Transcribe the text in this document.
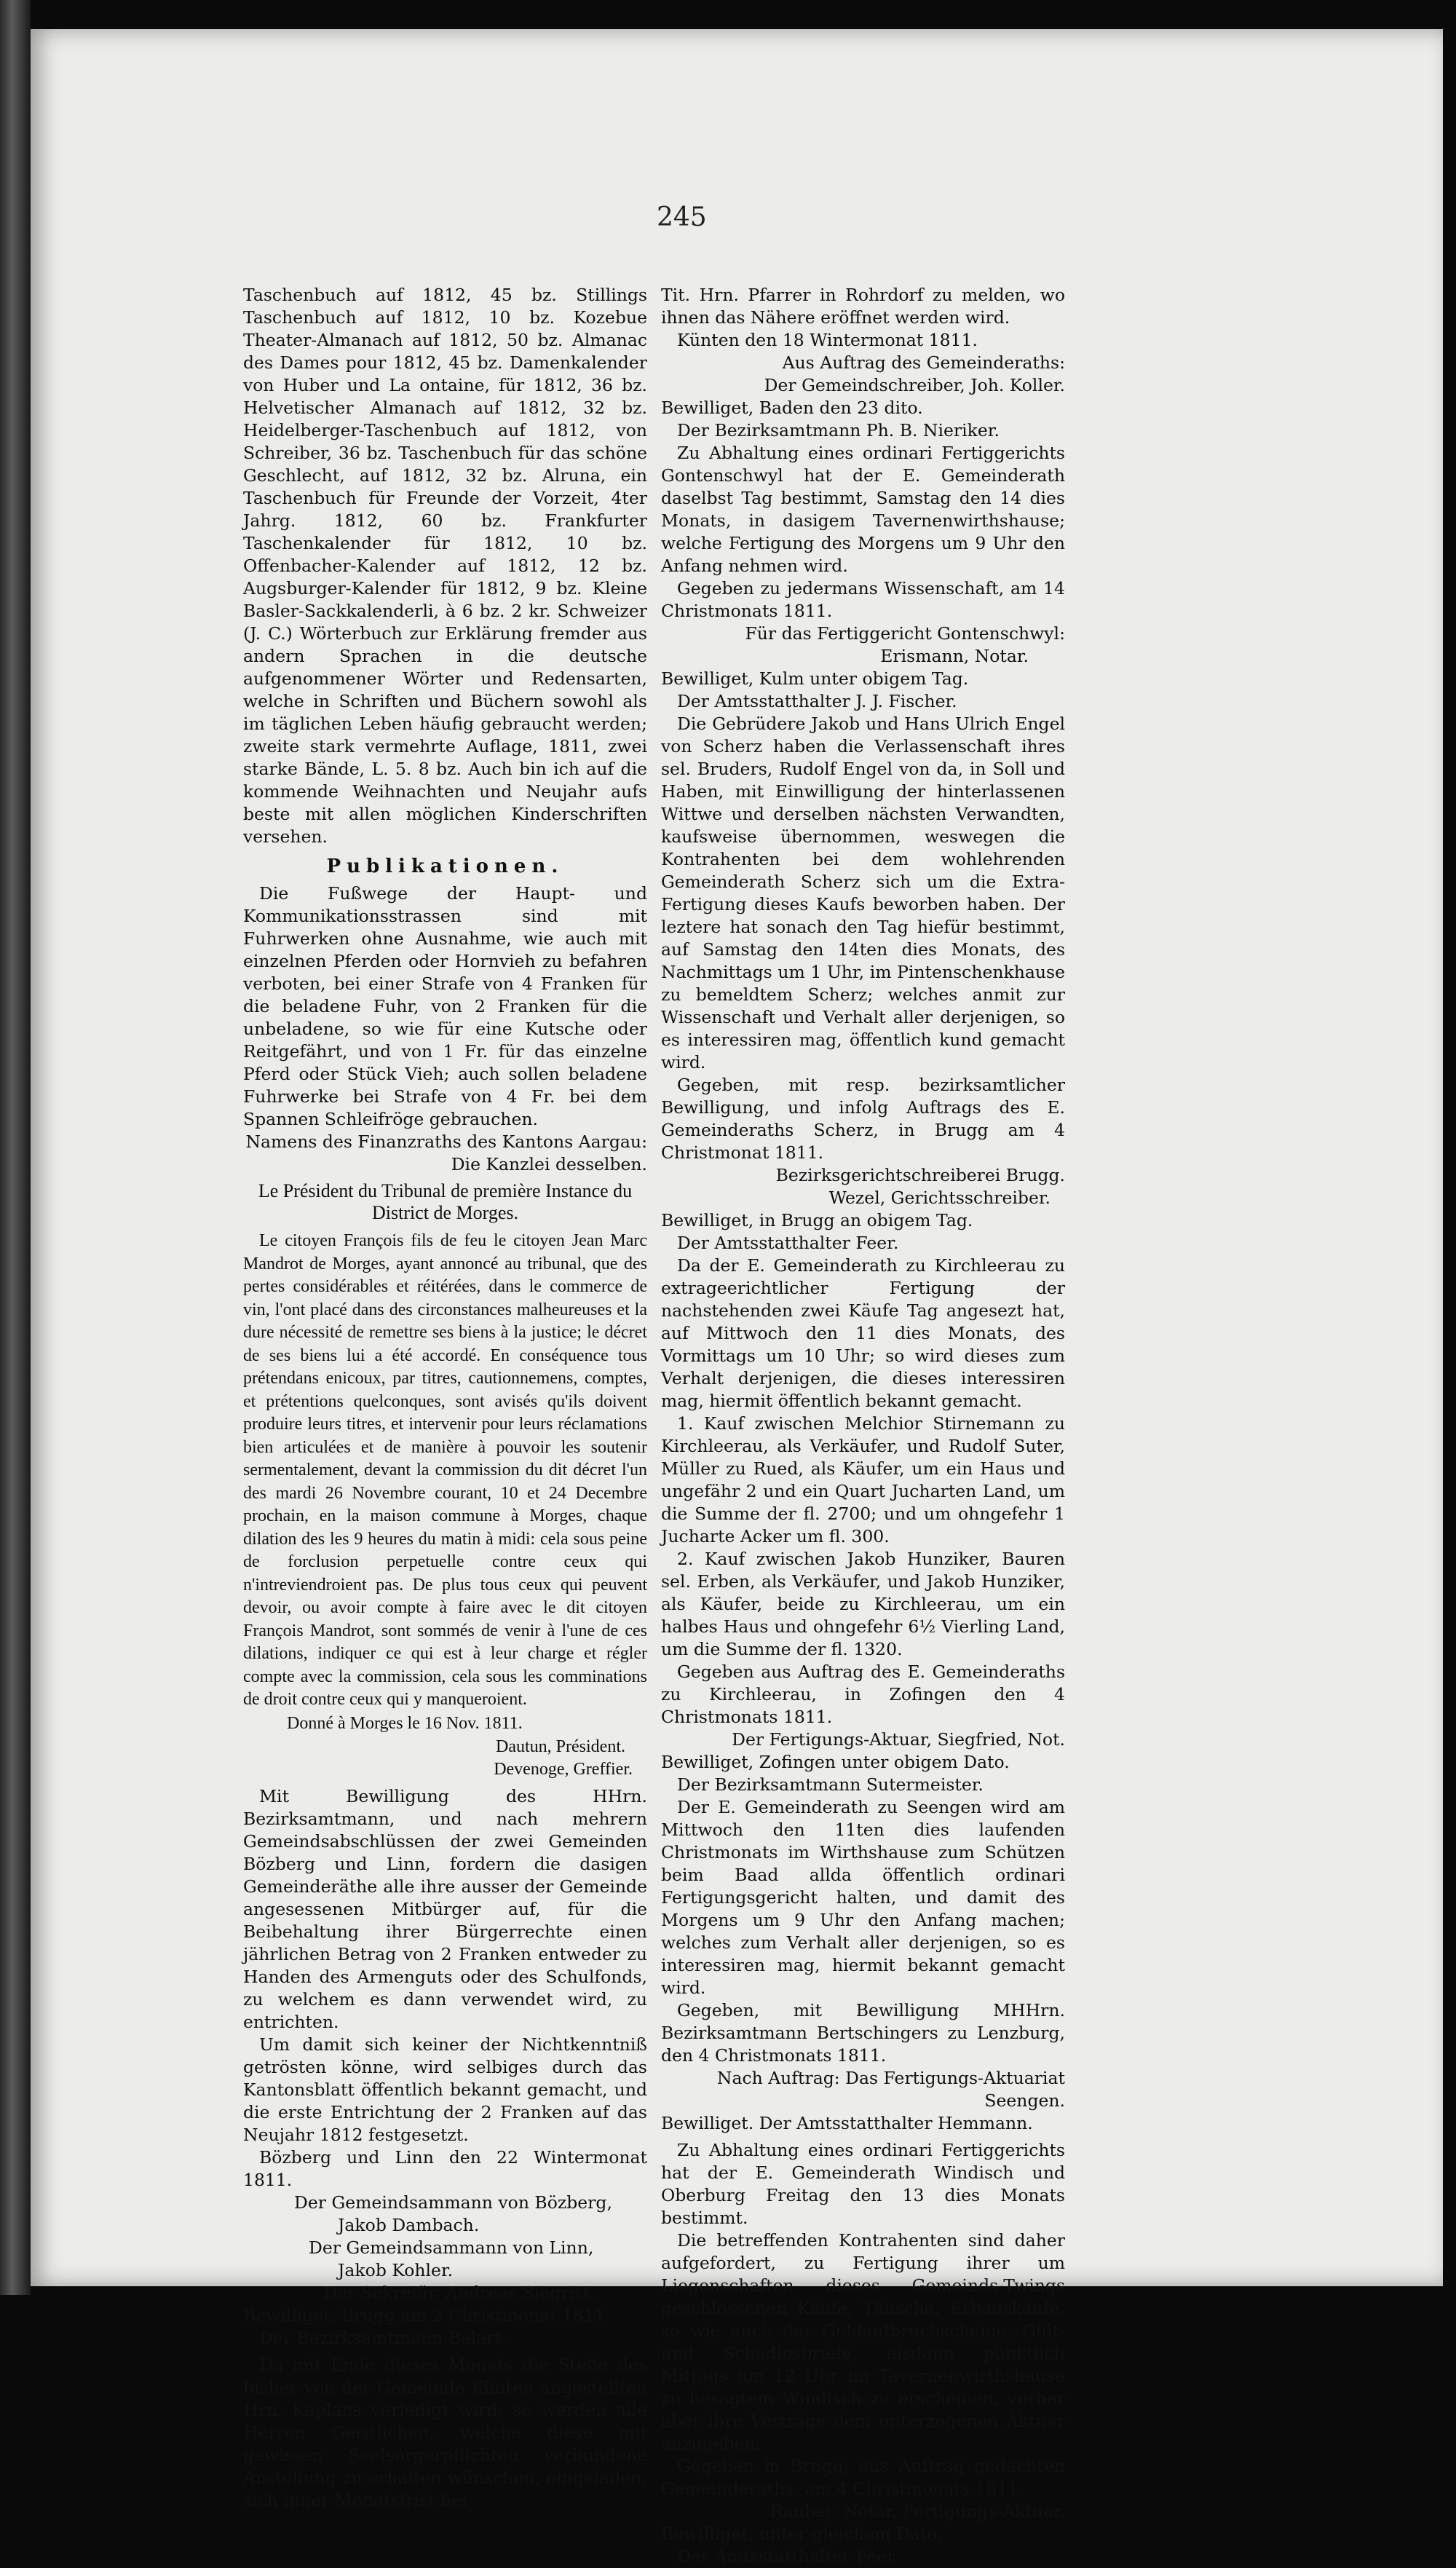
245

Taschenbuch auf 1812, 45 bz. Stillings Taschenbuch auf 1812, 10 bz. Kozebue Theater-Almanach auf 1812, 50 bz. Almanac des Dames pour 1812, 45 bz. Damenkalender von Huber und La ontaine, für 1812, 36 bz. Helvetischer Almanach auf 1812, 32 bz. Heidelberger-Taschenbuch auf 1812, von Schreiber, 36 bz. Taschenbuch für das schöne Geschlecht, auf 1812, 32 bz. Alruna, ein Taschenbuch für Freunde der Vorzeit, 4ter Jahrg. 1812, 60 bz. Frankfurter Taschenkalender für 1812, 10 bz. Offenbacher-Kalender auf 1812, 12 bz. Augsburger-Kalender für 1812, 9 bz. Kleine Basler-Sackkalenderli, à 6 bz. 2 kr. Schweizer (J. C.) Wörterbuch zur Erklärung fremder aus andern Sprachen in die deutsche aufgenommener Wörter und Redensarten, welche in Schriften und Büchern sowohl als im täglichen Leben häufig gebraucht werden; zweite stark vermehrte Auflage, 1811, zwei starke Bände, L. 5. 8 bz. Auch bin ich auf die kommende Weihnachten und Neujahr aufs beste mit allen möglichen Kinderschriften versehen.

Publikationen.

Die Fußwege der Haupt- und Kommunikationsstrassen sind mit Fuhrwerken ohne Ausnahme, wie auch mit einzelnen Pferden oder Hornvieh zu befahren verboten, bei einer Strafe von 4 Franken für die beladene Fuhr, von 2 Franken für die unbeladene, so wie für eine Kutsche oder Reitgefährt, und von 1 Fr. für das einzelne Pferd oder Stück Vieh; auch sollen beladene Fuhrwerke bei Strafe von 4 Fr. bei dem Spannen Schleifröge gebrauchen.

Namens des Finanzraths des Kantons Aargau:

Die Kanzlei desselben.

Le Président du Tribunal de première Instance du District de Morges.

Le citoyen François fils de feu le citoyen Jean Marc Mandrot de Morges, ayant annoncé au tribunal, que des pertes considérables et réitérées, dans le commerce de vin, l'ont placé dans des circonstances malheureuses et la dure nécessité de remettre ses biens à la justice; le décret de ses biens lui a été accordé. En conséquence tous prétendans enicoux, par titres, cautionnemens, comptes, et prétentions quelconques, sont avisés qu'ils doivent produire leurs titres, et intervenir pour leurs réclamations bien articulées et de manière à pouvoir les soutenir sermentalement, devant la commission du dit décret l'un des mardi 26 Novembre courant, 10 et 24 Decembre prochain, en la maison commune à Morges, chaque dilation des les 9 heures du matin à midi: cela sous peine de forclusion perpetuelle contre ceux qui n'intreviendroient pas. De plus tous ceux qui peuvent devoir, ou avoir compte à faire avec le dit citoyen François Mandrot, sont sommés de venir à l'une de ces dilations, indiquer ce qui est à leur charge et régler compte avec la commission, cela sous les comminations de droit contre ceux qui y manqueroient.

Donné à Morges le 16 Nov. 1811.

Dautun, Président.

Devenoge, Greffier.

Mit Bewilligung des HHrn. Bezirksamtmann, und nach mehrern Gemeindsabschlüssen der zwei Gemeinden Bözberg und Linn, fordern die dasigen Gemeinderäthe alle ihre ausser der Gemeinde angesessenen Mitbürger auf, für die Beibehaltung ihrer Bürgerrechte einen jährlichen Betrag von 2 Franken entweder zu Handen des Armenguts oder des Schulfonds, zu welchem es dann verwendet wird, zu entrichten.

Um damit sich keiner der Nichtkenntniß getrösten könne, wird selbiges durch das Kantonsblatt öffentlich bekannt gemacht, und die erste Entrichtung der 2 Franken auf das Neujahr 1812 festgesetzt.

Bözberg und Linn den 22 Wintermonat 1811.

Der Gemeindsammann von Bözberg,

Jakob Dambach.

Der Gemeindsammann von Linn,

Jakob Kohler.

Der Sekretär, Andreas Siegrist.

Bewilliget, Brugg am 2 Christmonat 1811.

Der Bezirksamtmann Belart.

Da mit Ende dieses Monats die Stelle des bisher von der Gemeinde Künten angestellten Hrn. Kaplans verledigt wird; so werden alle Herren Geistlichen, welche diese mit gewissen Seelsorgerpflichten verbundene Anstellung zu erhalten wünschen, eingeladen, sich inner Monatsfrist bei

Tit. Hrn. Pfarrer in Rohrdorf zu melden, wo ihnen das Nähere eröffnet werden wird.

Künten den 18 Wintermonat 1811.

Aus Auftrag des Gemeinderaths:

Der Gemeindschreiber, Joh. Koller.

Bewilliget, Baden den 23 dito.

Der Bezirksamtmann Ph. B. Nieriker.

Zu Abhaltung eines ordinari Fertiggerichts Gontenschwyl hat der E. Gemeinderath daselbst Tag bestimmt, Samstag den 14 dies Monats, in dasigem Tavernenwirthshause; welche Fertigung des Morgens um 9 Uhr den Anfang nehmen wird.

Gegeben zu jedermans Wissenschaft, am 14 Christmonats 1811.

Für das Fertiggericht Gontenschwyl:

Erismann, Notar.

Bewilliget, Kulm unter obigem Tag.

Der Amtsstatthalter J. J. Fischer.

Die Gebrüdere Jakob und Hans Ulrich Engel von Scherz haben die Verlassenschaft ihres sel. Bruders, Rudolf Engel von da, in Soll und Haben, mit Einwilligung der hinterlassenen Wittwe und derselben nächsten Verwandten, kaufsweise übernommen, weswegen die Kontrahenten bei dem wohlehrenden Gemeinderath Scherz sich um die Extra-Fertigung dieses Kaufs beworben haben. Der leztere hat sonach den Tag hiefür bestimmt, auf Samstag den 14ten dies Monats, des Nachmittags um 1 Uhr, im Pintenschenkhause zu bemeldtem Scherz; welches anmit zur Wissenschaft und Verhalt aller derjenigen, so es interessiren mag, öffentlich kund gemacht wird.

Gegeben, mit resp. bezirksamtlicher Bewilligung, und infolg Auftrags des E. Gemeinderaths Scherz, in Brugg am 4 Christmonat 1811.

Bezirksgerichtschreiberei Brugg.

Wezel, Gerichtsschreiber.

Bewilliget, in Brugg an obigem Tag.

Der Amtsstatthalter Feer.

Da der E. Gemeinderath zu Kirchleerau zu extrageerichtlicher Fertigung der nachstehenden zwei Käufe Tag angesezt hat, auf Mittwoch den 11 dies Monats, des Vormittags um 10 Uhr; so wird dieses zum Verhalt derjenigen, die dieses interessiren mag, hiermit öffentlich bekannt gemacht.

1. Kauf zwischen Melchior Stirnemann zu Kirchleerau, als Verkäufer, und Rudolf Suter, Müller zu Rued, als Käufer, um ein Haus und ungefähr 2 und ein Quart Jucharten Land, um die Summe der fl. 2700; und um ohngefehr 1 Jucharte Acker um fl. 300.

2. Kauf zwischen Jakob Hunziker, Bauren sel. Erben, als Verkäufer, und Jakob Hunziker, als Käufer, beide zu Kirchleerau, um ein halbes Haus und ohngefehr 6½ Vierling Land, um die Summe der fl. 1320.

Gegeben aus Auftrag des E. Gemeinderaths zu Kirchleerau, in Zofingen den 4 Christmonats 1811.

Der Fertigungs-Aktuar, Siegfried, Not.

Bewilliget, Zofingen unter obigem Dato.

Der Bezirksamtmann Sutermeister.

Der E. Gemeinderath zu Seengen wird am Mittwoch den 11ten dies laufenden Christmonats im Wirthshause zum Schützen beim Baad allda öffentlich ordinari Fertigungsgericht halten, und damit des Morgens um 9 Uhr den Anfang machen; welches zum Verhalt aller derjenigen, so es interessiren mag, hiermit bekannt gemacht wird.

Gegeben, mit Bewilligung MHHrn. Bezirksamtmann Bertschingers zu Lenzburg, den 4 Christmonats 1811.

Nach Auftrag: Das Fertigungs-Aktuariat Seengen.

Bewilliget. Der Amtsstatthalter Hemmann.

Zu Abhaltung eines ordinari Fertiggerichts hat der E. Gemeinderath Windisch und Oberburg Freitag den 13 dies Monats bestimmt.

Die betreffenden Kontrahenten sind daher aufgefordert, zu Fertigung ihrer um Liegenschaften dieses Gemeinds-Twings geschlossenen Käufe, Täusche, Erbauskäufe, so wie auch der Geldaufbruchscheine, Gült- und Schadlosbriefe, alsdann pünktlich Mittags um 12 Uhr im Tavernenwirthshause zu besagtem Windisch zu erscheinen, vorher aber ihre Verträge dem unterzogenen Aktuar anzugeben.

Gegeben in Brugg, aus Auftrag gedachten Gemeinderaths, am 4 Christmonats 1811.

Rauber, Notar, Fertigungs-Aktuar.

Bewilliget, unter gleichem Dato.

Der Amtsstatthalter Feer.
